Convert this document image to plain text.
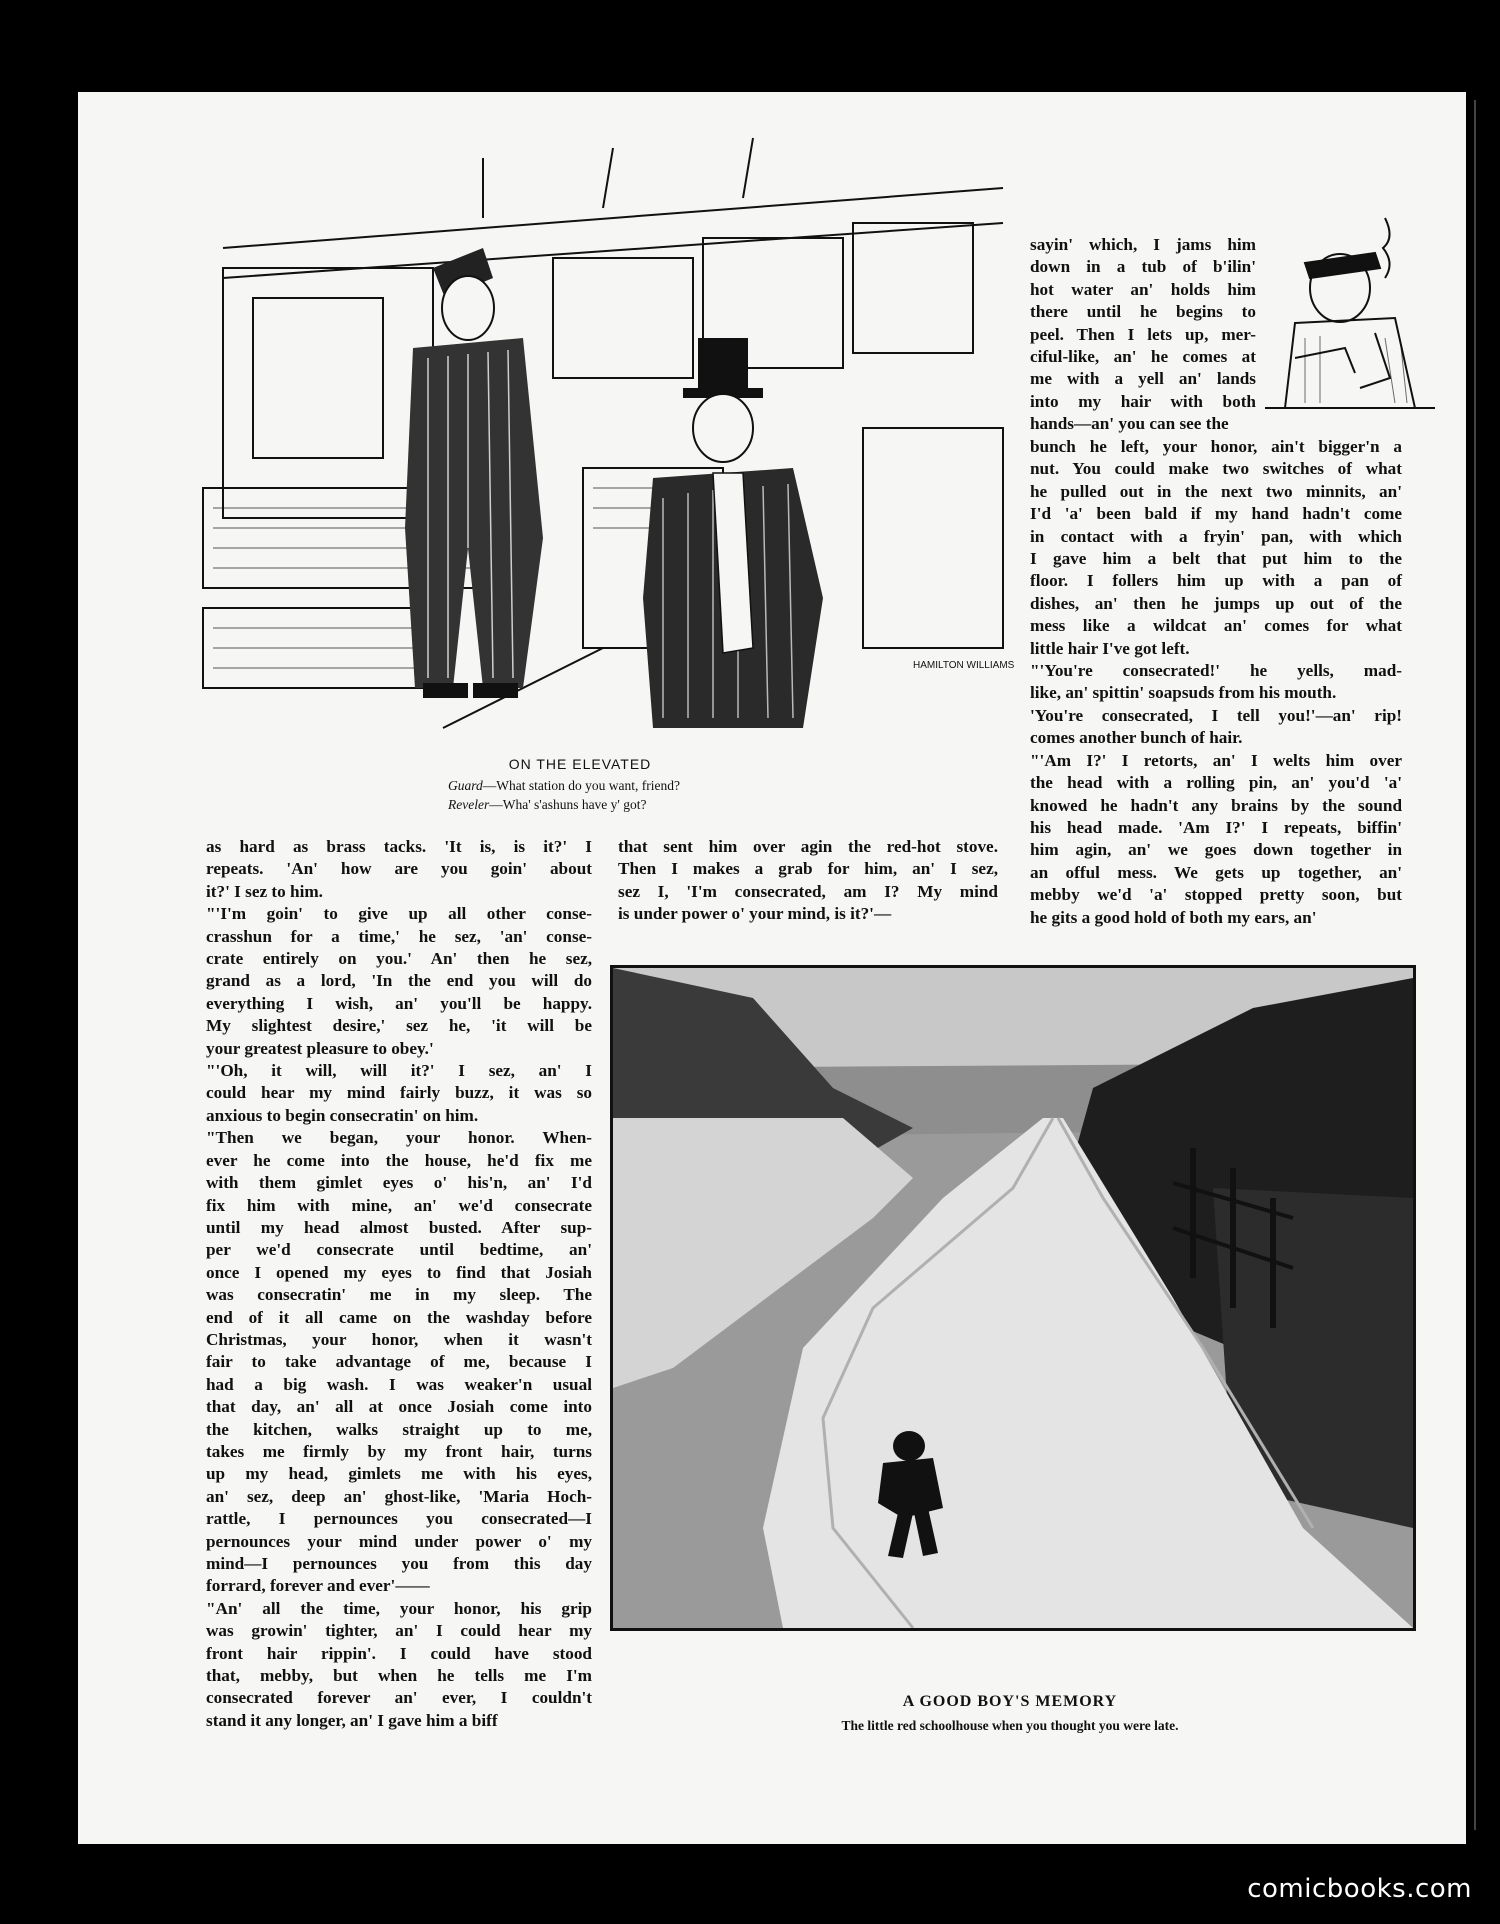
HAMILTON WILLIAMS

ON THE ELEVATED

Guard—What station do you want, friend?

Reveler—Wha' s'ashuns have y' got?

A GOOD BOY'S MEMORY

The little red schoolhouse when you thought you were late.

sayin' which, I jams him
down in a tub of b'ilin'
hot water an' holds him
there until he begins to
peel. Then I lets up, mer-
ciful-like, an' he comes at
me with a yell an' lands
into my hair with both
hands—an' you can see the
bunch he left, your honor, ain't bigger'n a
nut. You could make two switches of what
he pulled out in the next two minnits, an'
I'd 'a' been bald if my hand hadn't come
in contact with a fryin' pan, with which
I gave him a belt that put him to the
floor. I follers him up with a pan of
dishes, an' then he jumps up out of the
mess like a wildcat an' comes for what
little hair I've got left.
"'You're consecrated!' he yells, mad-
like, an' spittin' soapsuds from his mouth.
'You're consecrated, I tell you!'—an' rip!
comes another bunch of hair.
"'Am I?' I retorts, an' I welts him over
the head with a rolling pin, an' you'd 'a'
knowed he hadn't any brains by the sound
his head made. 'Am I?' I repeats, biffin'
him agin, an' we goes down together in
an offul mess. We gets up together, an'
mebby we'd 'a' stopped pretty soon, but
he gits a good hold of both my ears, an'
as hard as brass tacks. 'It is, is it?' I
repeats. 'An' how are you goin' about
it?' I sez to him.
"'I'm goin' to give up all other conse-
crasshun for a time,' he sez, 'an' conse-
crate entirely on you.' An' then he sez,
grand as a lord, 'In the end you will do
everything I wish, an' you'll be happy.
My slightest desire,' sez he, 'it will be
your greatest pleasure to obey.'
"'Oh, it will, will it?' I sez, an' I
could hear my mind fairly buzz, it was so
anxious to begin consecratin' on him.
"Then we began, your honor. When-
ever he come into the house, he'd fix me
with them gimlet eyes o' his'n, an' I'd
fix him with mine, an' we'd consecrate
until my head almost busted. After sup-
per we'd consecrate until bedtime, an'
once I opened my eyes to find that Josiah
was consecratin' me in my sleep. The
end of it all came on the washday before
Christmas, your honor, when it wasn't
fair to take advantage of me, because I
had a big wash. I was weaker'n usual
that day, an' all at once Josiah come into
the kitchen, walks straight up to me,
takes me firmly by my front hair, turns
up my head, gimlets me with his eyes,
an' sez, deep an' ghost-like, 'Maria Hoch-
rattle, I pernounces you consecrated—I
pernounces your mind under power o' my
mind—I pernounces you from this day
forrard, forever and ever'——
"An' all the time, your honor, his grip
was growin' tighter, an' I could hear my
front hair rippin'. I could have stood
that, mebby, but when he tells me I'm
consecrated forever an' ever, I couldn't
stand it any longer, an' I gave him a biff
that sent him over agin the red-hot stove.
Then I makes a grab for him, an' I sez,
sez I, 'I'm consecrated, am I? My mind
is under power o' your mind, is it?'—
comicbooks.com
